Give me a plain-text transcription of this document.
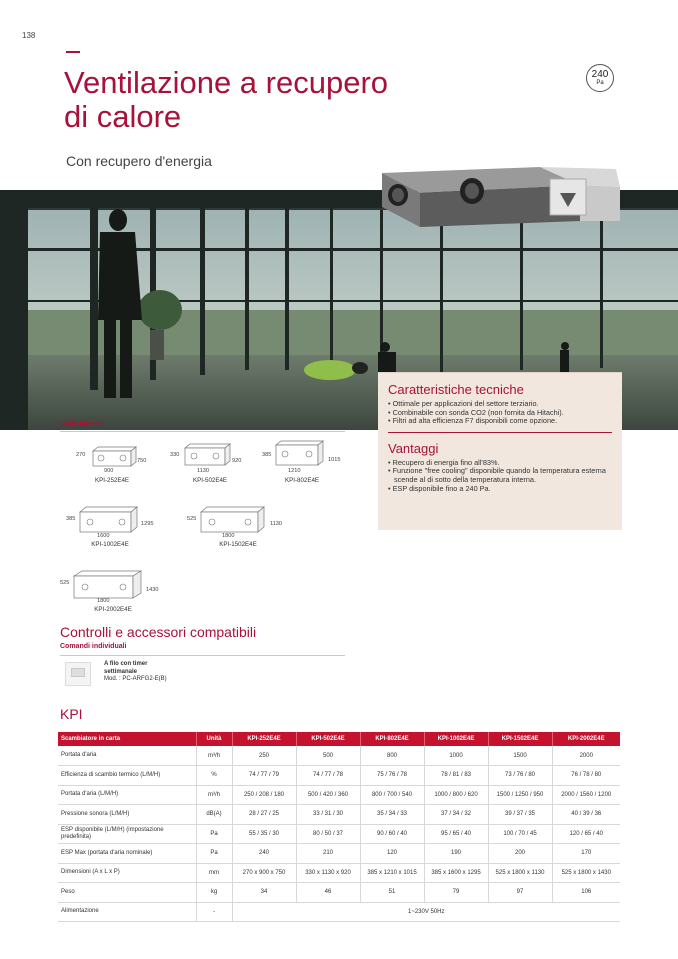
138
Ventilazione a recupero
di calore
Con recupero d'energia
240
Pa
Caratteristiche tecniche
• Ottimale per applicazioni del settore terziario.
• Combinabile con sonda CO2 (non fornita da Hitachi).
• Filtri ad alta efficienza F7 disponibili come opzione.
Vantaggi
• Recupero di energia fino all'83%.
• Funzione "free cooling" disponibile quando la temperatura esterna scende al di sotto della temperatura interna.
• ESP disponibile fino a 240 Pa.
Unità interne
270
750
900
KPI-252E4E
330
920
1130
KPI-502E4E
385
1015
1210
KPI-802E4E
385
1295
1600
KPI-1002E4E
525
1130
1800
KPI-1502E4E
525
1430
1800
KPI-2002E4E
Controlli e accessori compatibili
Comandi individuali
A filo con timer
settimanale
Mod. : PC-ARFG2-E(B)
KPI
Scambiatore in carta	Unità	KPI-252E4E	KPI-502E4E	KPI-802E4E	KPI-1002E4E	KPI-1502E4E	KPI-2002E4E
Portata d'aria	m³/h	250	500	800	1000	1500	2000
Efficienza di scambio termico (L/M/H)	%	74 / 77 / 79	74 / 77 / 78	75 / 76 / 78	78 / 81 / 83	73 / 76 / 80	76 / 78 / 80
Portata d'aria (L/M/H)	m³/h	250 / 208 / 180	500 / 420 / 360	800 / 700 / 540	1000 / 800 / 620	1500 / 1250 / 950	2000 / 1560 / 1200
Pressione sonora (L/M/H)	dB(A)	28 / 27 / 25	33 / 31 / 30	35 / 34 / 33	37 / 34 / 32	39 / 37 / 35	40 / 39 / 36
ESP disponibile (L/M/H) (impostazione predefinita)	Pa	55 / 35 / 30	80 / 50 / 37	90 / 60 / 40	95 / 65 / 40	100 / 70 / 45	120 / 65 / 40
ESP Max (portata d'aria nominale)	Pa	240	210	120	190	200	170
Dimensioni (A x L x P)	mm	270 x 900 x 750	330 x 1130 x 920	385 x 1210 x 1015	385 x 1600 x 1295	525 x 1800 x 1130	525 x 1800 x 1430
Peso	kg	34	46	51	79	97	106
Alimentazione	-	1~230V 50Hz					
